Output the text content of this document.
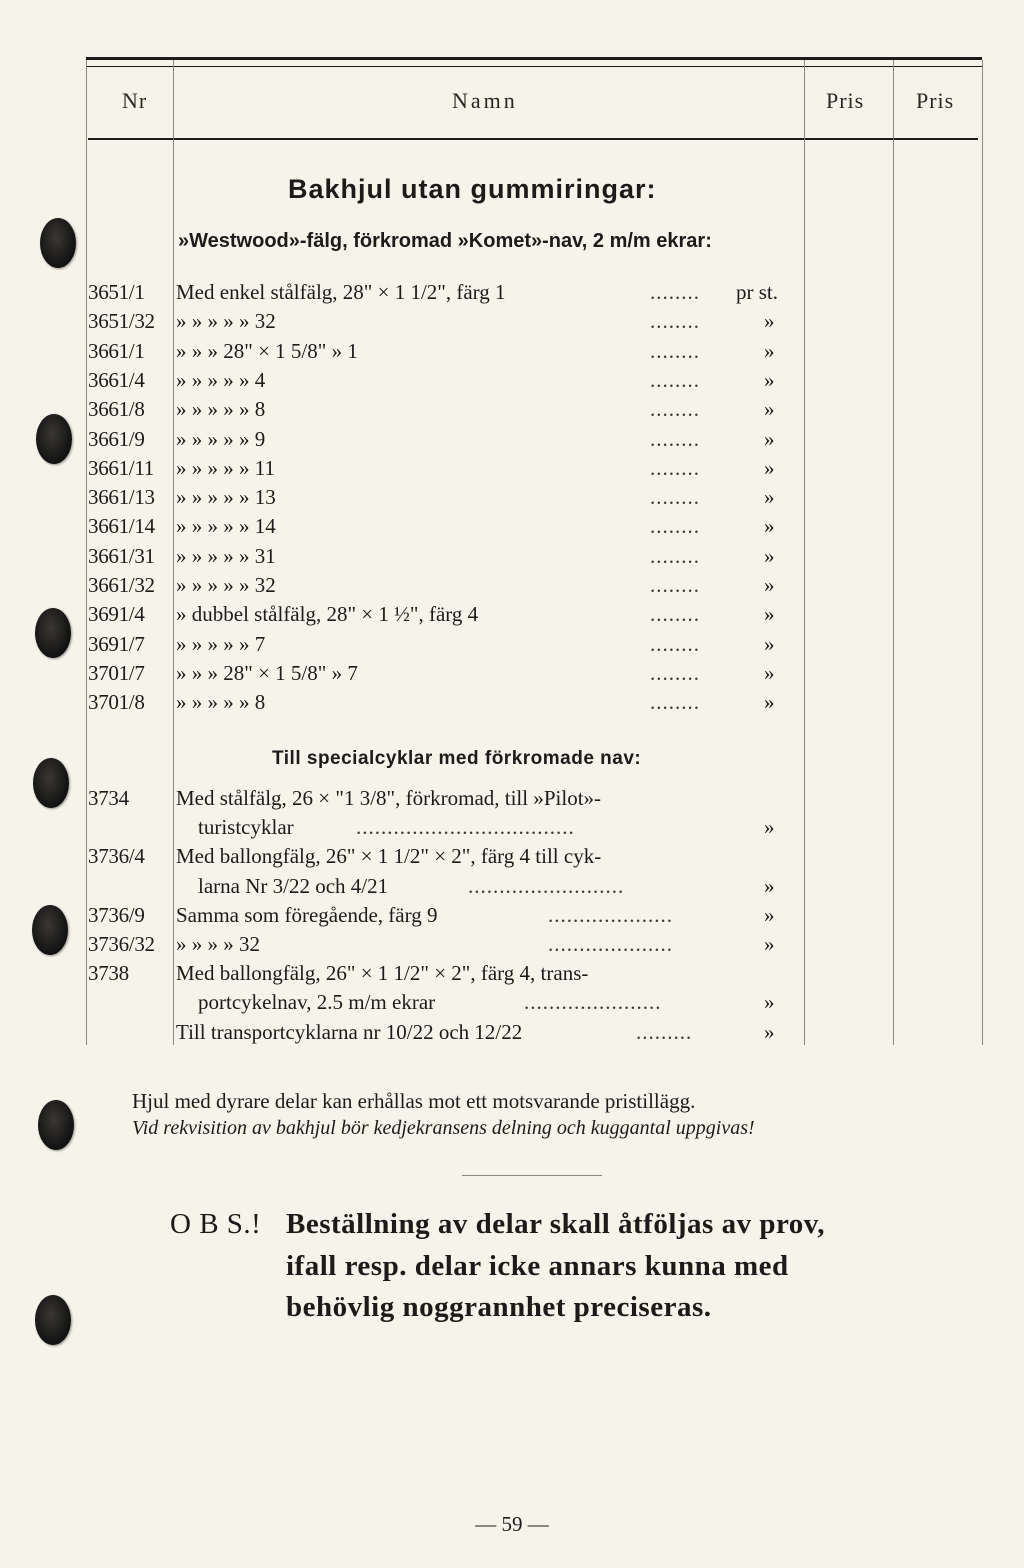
Nr	Namn	Pris Pris
Bakhjul utan gummiringar:
»Westwood»-fälg, förkromad »Komet»-nav, 2 m/m ekrar:
3651/1 Med enkel stålfälg, 28" × 1 1/2", färg 1	........ pr st.
3651/32 » » » » » 32	........	»
3661/1 » » » 28" × 1 5/8" » 1	........	»
3661/4 » » » » » 4	........	»
3661/8 » » » » » 8	........	»
3661/9 » » » » » 9	........	»
3661/11 » » » » » 11	........	»
3661/13 » » » » » 13	........	»
3661/14 » » » » » 14	........	»
3661/31 » » » » » 31	........	»
3661/32 » » » » » 32	........	»
3691/4 » dubbel stålfälg, 28" × 1 ½", färg 4	........	»
3691/7 » » » » » 7	........	»
3701/7 » » » 28" × 1 5/8" » 7	........	»
3701/8 » » » » » 8	........	»
Till specialcyklar med förkromade nav:
3734 Med stålfälg, 26 × "1 3/8", förkromad, till »Pilot»-
turistcyklar	...................................	»
3736/4 Med ballongfälg, 26" × 1 1/2" × 2", färg 4 till cyk-
larna Nr 3/22 och 4/21	.........................	»
3736/9 Samma som föregående, färg 9	....................	»
3736/32 » » » » 32	....................	»
3738 Med ballongfälg, 26" × 1 1/2" × 2", färg 4, trans-
portcykelnav, 2.5 m/m ekrar	......................	»
Till transportcyklarna nr 10/22 och 12/22	.........	»
Hjul med dyrare delar kan erhållas mot ett motsvarande pristillägg.
Vid rekvisition av bakhjul bör kedjekransens delning och kuggantal uppgivas!
O B S.! Beställning av delar skall åtföljas av prov,
ifall resp. delar icke annars kunna med
behövlig noggrannhet preciseras.
— 59 —
